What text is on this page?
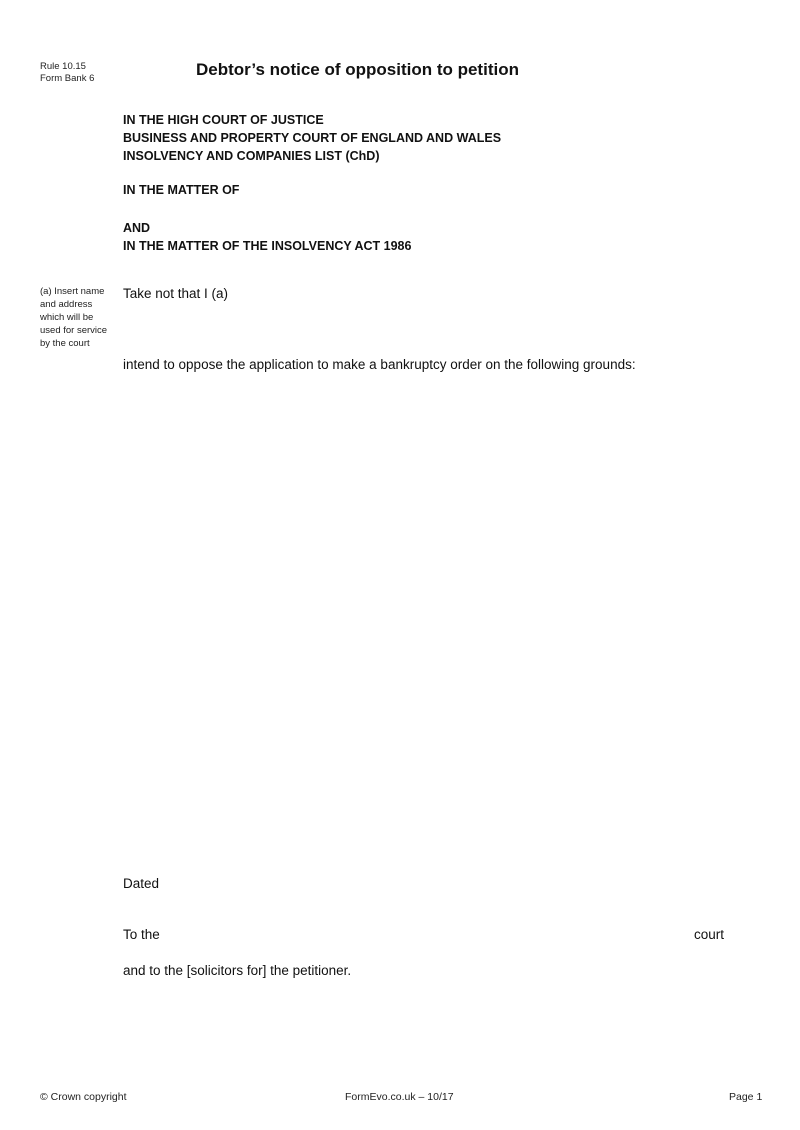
Rule 10.15
Form Bank 6	Debtor’s notice of opposition to petition
IN THE HIGH COURT OF JUSTICE
BUSINESS AND PROPERTY COURT OF ENGLAND AND WALES
INSOLVENCY AND COMPANIES LIST (ChD)
IN THE MATTER OF
AND
IN THE MATTER OF THE INSOLVENCY ACT 1986
(a) Insert name
and address
which will be
used for service
by the court
Take not that I (a)
intend to oppose the application to make a bankruptcy order on the following grounds:
Dated
To the	court
and to the [solicitors for] the petitioner.
© Crown copyright	FormEvo.co.uk – 10/17	Page 1
